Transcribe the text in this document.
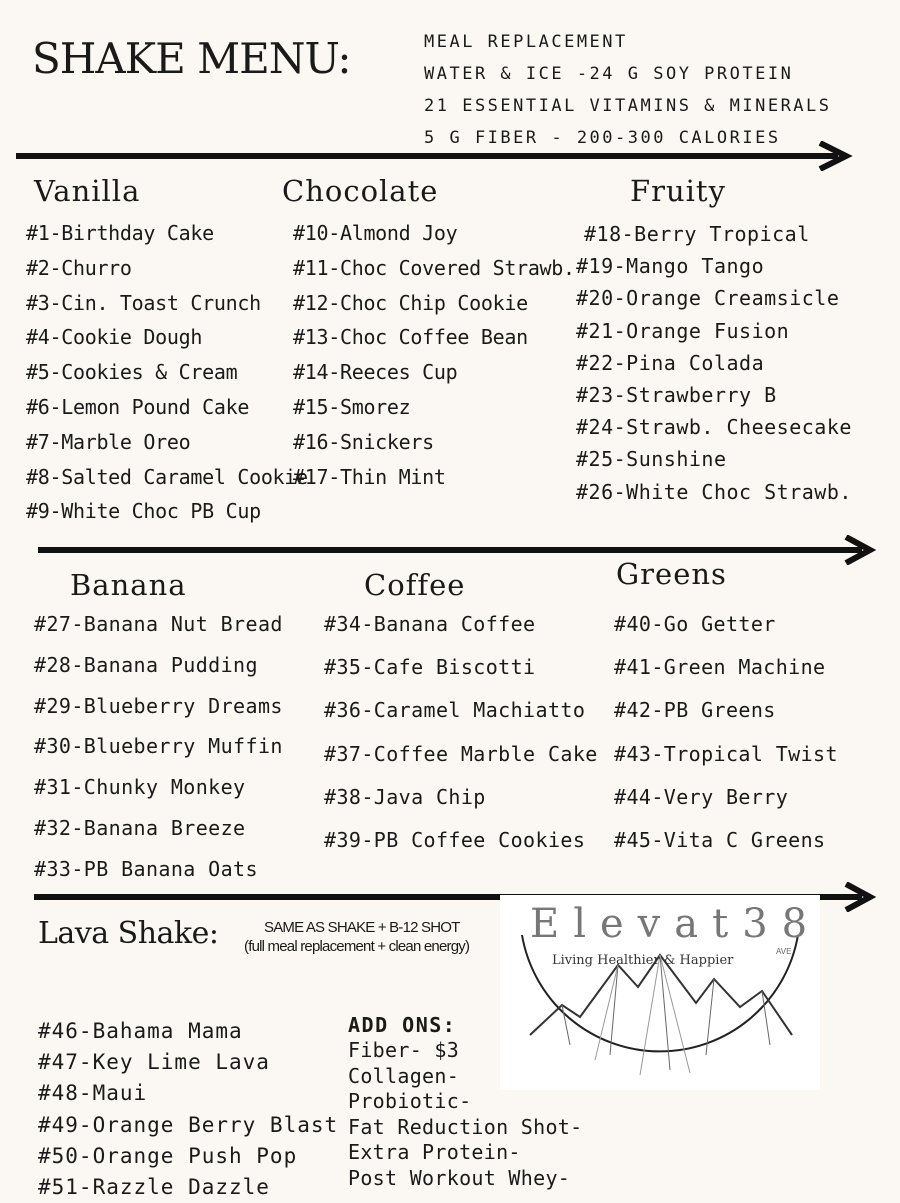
SHAKE MENU:	MEAL REPLACEMENT
WATER & ICE -24 G SOY PROTEIN
21 ESSENTIAL VITAMINS & MINERALS
5 G FIBER - 200-300 CALORIES
Vanilla	Chocolate	Fruity
#1-Birthday Cake
#2-Churro
#3-Cin. Toast Crunch
#4-Cookie Dough
#5-Cookies & Cream
#6-Lemon Pound Cake
#7-Marble Oreo
#8-Salted Caramel Cookie
#9-White Choc PB Cup
#10-Almond Joy
#11-Choc Covered Strawb.
#12-Choc Chip Cookie
#13-Choc Coffee Bean
#14-Reeces Cup
#15-Smorez
#16-Snickers
#17-Thin Mint
#18-Berry Tropical
#19-Mango Tango
#20-Orange Creamsicle
#21-Orange Fusion
#22-Pina Colada
#23-Strawberry B
#24-Strawb. Cheesecake
#25-Sunshine
#26-White Choc Strawb.
Banana	Coffee	Greens
#27-Banana Nut Bread
#28-Banana Pudding
#29-Blueberry Dreams
#30-Blueberry Muffin
#31-Chunky Monkey
#32-Banana Breeze
#33-PB Banana Oats
#34-Banana Coffee
#35-Cafe Biscotti
#36-Caramel Machiatto
#37-Coffee Marble Cake
#38-Java Chip
#39-PB Coffee Cookies
#40-Go Getter
#41-Green Machine
#42-PB Greens
#43-Tropical Twist
#44-Very Berry
#45-Vita C Greens
Elevat38
AVE
Living Healthier & Happier
Lava Shake:	SAME AS SHAKE + B-12 SHOT
(full meal replacement + clean energy)
#46-Bahama Mama
#47-Key Lime Lava
#48-Maui
#49-Orange Berry Blast
#50-Orange Push Pop
#51-Razzle Dazzle
ADD ONS:
Fiber- $3
Collagen-
Probiotic-
Fat Reduction Shot-
Extra Protein-
Post Workout Whey-
